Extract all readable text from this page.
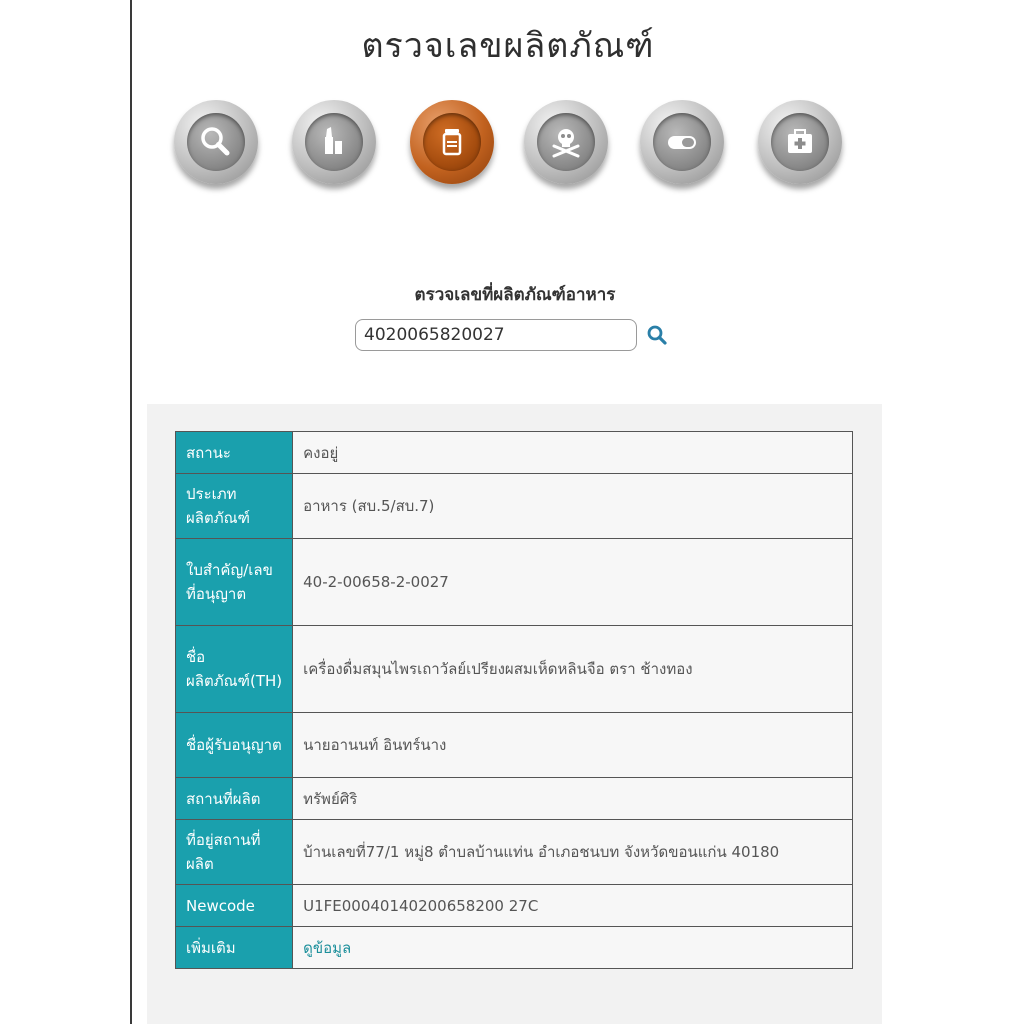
ตรวจเลขผลิตภัณฑ์
ตรวจเลขที่ผลิตภัณฑ์อาหาร
4020065820027
สถานะ	คงอยู่
ประเภทผลิตภัณฑ์	อาหาร (สบ.5/สบ.7)
ใบสำคัญ/เลขที่อนุญาต	40-2-00658-2-0027
ชื่อผลิตภัณฑ์(TH)	เครื่องดื่มสมุนไพรเถาวัลย์เปรียงผสมเห็ดหลินจือ ตรา ช้างทอง
ชื่อผู้รับอนุญาต	นายอานนท์ อินทร์นาง
สถานที่ผลิต	ทรัพย์ศิริ
ที่อยู่สถานที่ผลิต	บ้านเลขที่77/1 หมู่8 ตำบลบ้านแท่น อำเภอชนบท จังหวัดขอนแก่น 40180
Newcode	U1FE00040140200658200 27C
เพิ่มเติม	ดูข้อมูล
